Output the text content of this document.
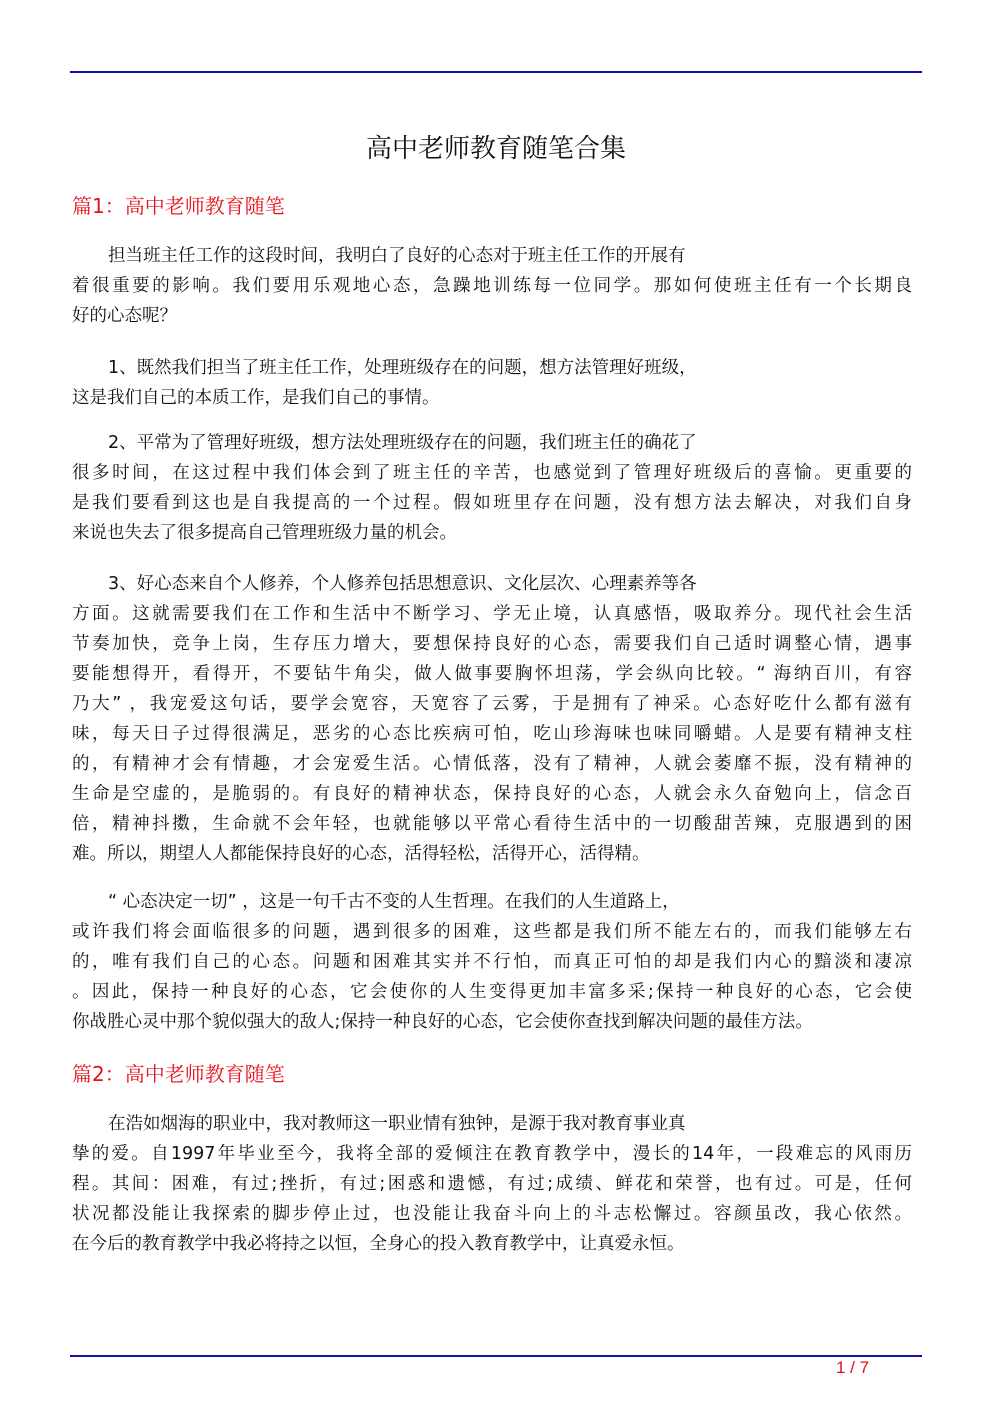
高中老师教育随笔合集
篇1：高中老师教育随笔
担当班主任工作的这段时间，我明白了良好的心态对于班主任工作的开展有
着很重要的影响。我们要用乐观地心态，急躁地训练每一位同学。那如何使班主任有一个长期良
好的心态呢？
1、既然我们担当了班主任工作，处理班级存在的问题，想方法管理好班级，
这是我们自己的本质工作，是我们自己的事情。
2、平常为了管理好班级，想方法处理班级存在的问题，我们班主任的确花了
很多时间，在这过程中我们体会到了班主任的辛苦，也感觉到了管理好班级后的喜愉。更重要的
是我们要看到这也是自我提高的一个过程。假如班里存在问题，没有想方法去解决，对我们自身
来说也失去了很多提高自己管理班级力量的机会。
3、好心态来自个人修养，个人修养包括思想意识、文化层次、心理素养等各
方面。这就需要我们在工作和生活中不断学习、学无止境，认真感悟，吸取养分。现代社会生活
节奏加快，竞争上岗，生存压力增大，要想保持良好的心态，需要我们自己适时调整心情，遇事
要能想得开，看得开，不要钻牛角尖，做人做事要胸怀坦荡，学会纵向比较。“ 海纳百川，有容
乃大” ，我宠爱这句话，要学会宽容，天宽容了云雾，于是拥有了神采。心态好吃什么都有滋有
味，每天日子过得很满足，恶劣的心态比疾病可怕，吃山珍海味也味同嚼蜡。人是要有精神支柱
的，有精神才会有情趣，才会宠爱生活。心情低落，没有了精神，人就会萎靡不振，没有精神的
生命是空虚的，是脆弱的。有良好的精神状态，保持良好的心态，人就会永久奋勉向上，信念百
倍，精神抖擞，生命就不会年轻，也就能够以平常心看待生活中的一切酸甜苦辣，克服遇到的困
难。所以，期望人人都能保持良好的心态，活得轻松，活得开心，活得精。
“ 心态决定一切” ，这是一句千古不变的人生哲理。在我们的人生道路上，
或许我们将会面临很多的问题，遇到很多的困难，这些都是我们所不能左右的，而我们能够左右
的，唯有我们自己的心态。问题和困难其实并不行怕，而真正可怕的却是我们内心的黯淡和凄凉
。因此，保持一种良好的心态，它会使你的人生变得更加丰富多采;保持一种良好的心态，它会使
你战胜心灵中那个貌似强大的敌人;保持一种良好的心态，它会使你查找到解决问题的最佳方法。
篇2：高中老师教育随笔
在浩如烟海的职业中，我对教师这一职业情有独钟，是源于我对教育事业真
挚的爱。自1997年毕业至今，我将全部的爱倾注在教育教学中，漫长的14年，一段难忘的风雨历
程。其间：困难，有过;挫折，有过;困惑和遗憾，有过;成绩、鲜花和荣誉，也有过。可是，任何
状况都没能让我探索的脚步停止过，也没能让我奋斗向上的斗志松懈过。容颜虽改，我心依然。
在今后的教育教学中我必将持之以恒，全身心的投入教育教学中，让真爱永恒。
1 / 7
